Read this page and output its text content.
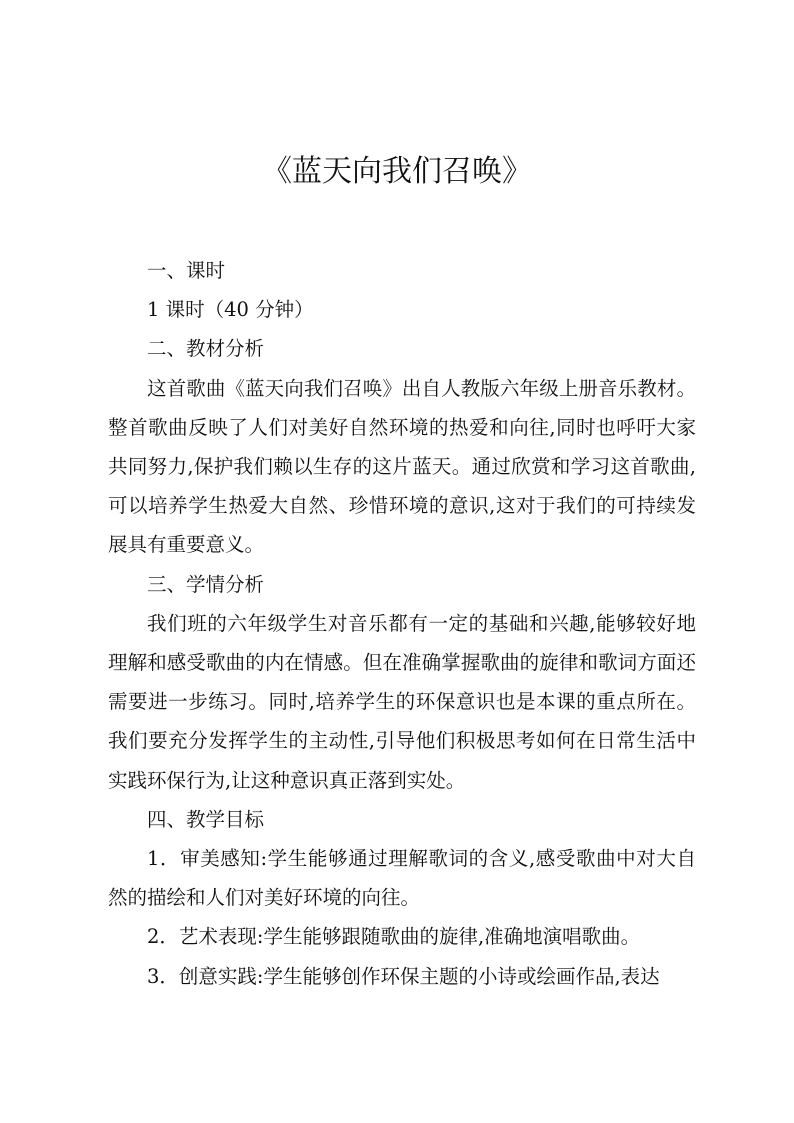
《蓝天向我们召唤》
一、课时

1 课时（40 分钟）

二、教材分析

这首歌曲《蓝天向我们召唤》出自人教版六年级上册音乐教材。整首歌曲反映了人们对美好自然环境的热爱和向往,同时也呼吁大家共同努力,保护我们赖以生存的这片蓝天。通过欣赏和学习这首歌曲,可以培养学生热爱大自然、珍惜环境的意识,这对于我们的可持续发展具有重要意义。

三、学情分析

我们班的六年级学生对音乐都有一定的基础和兴趣,能够较好地理解和感受歌曲的内在情感。但在准确掌握歌曲的旋律和歌词方面还需要进一步练习。同时,培养学生的环保意识也是本课的重点所在。我们要充分发挥学生的主动性,引导他们积极思考如何在日常生活中实践环保行为,让这种意识真正落到实处。

四、教学目标

1．审美感知:学生能够通过理解歌词的含义,感受歌曲中对大自然的描绘和人们对美好环境的向往。

2．艺术表现:学生能够跟随歌曲的旋律,准确地演唱歌曲。

3．创意实践:学生能够创作环保主题的小诗或绘画作品,表达
